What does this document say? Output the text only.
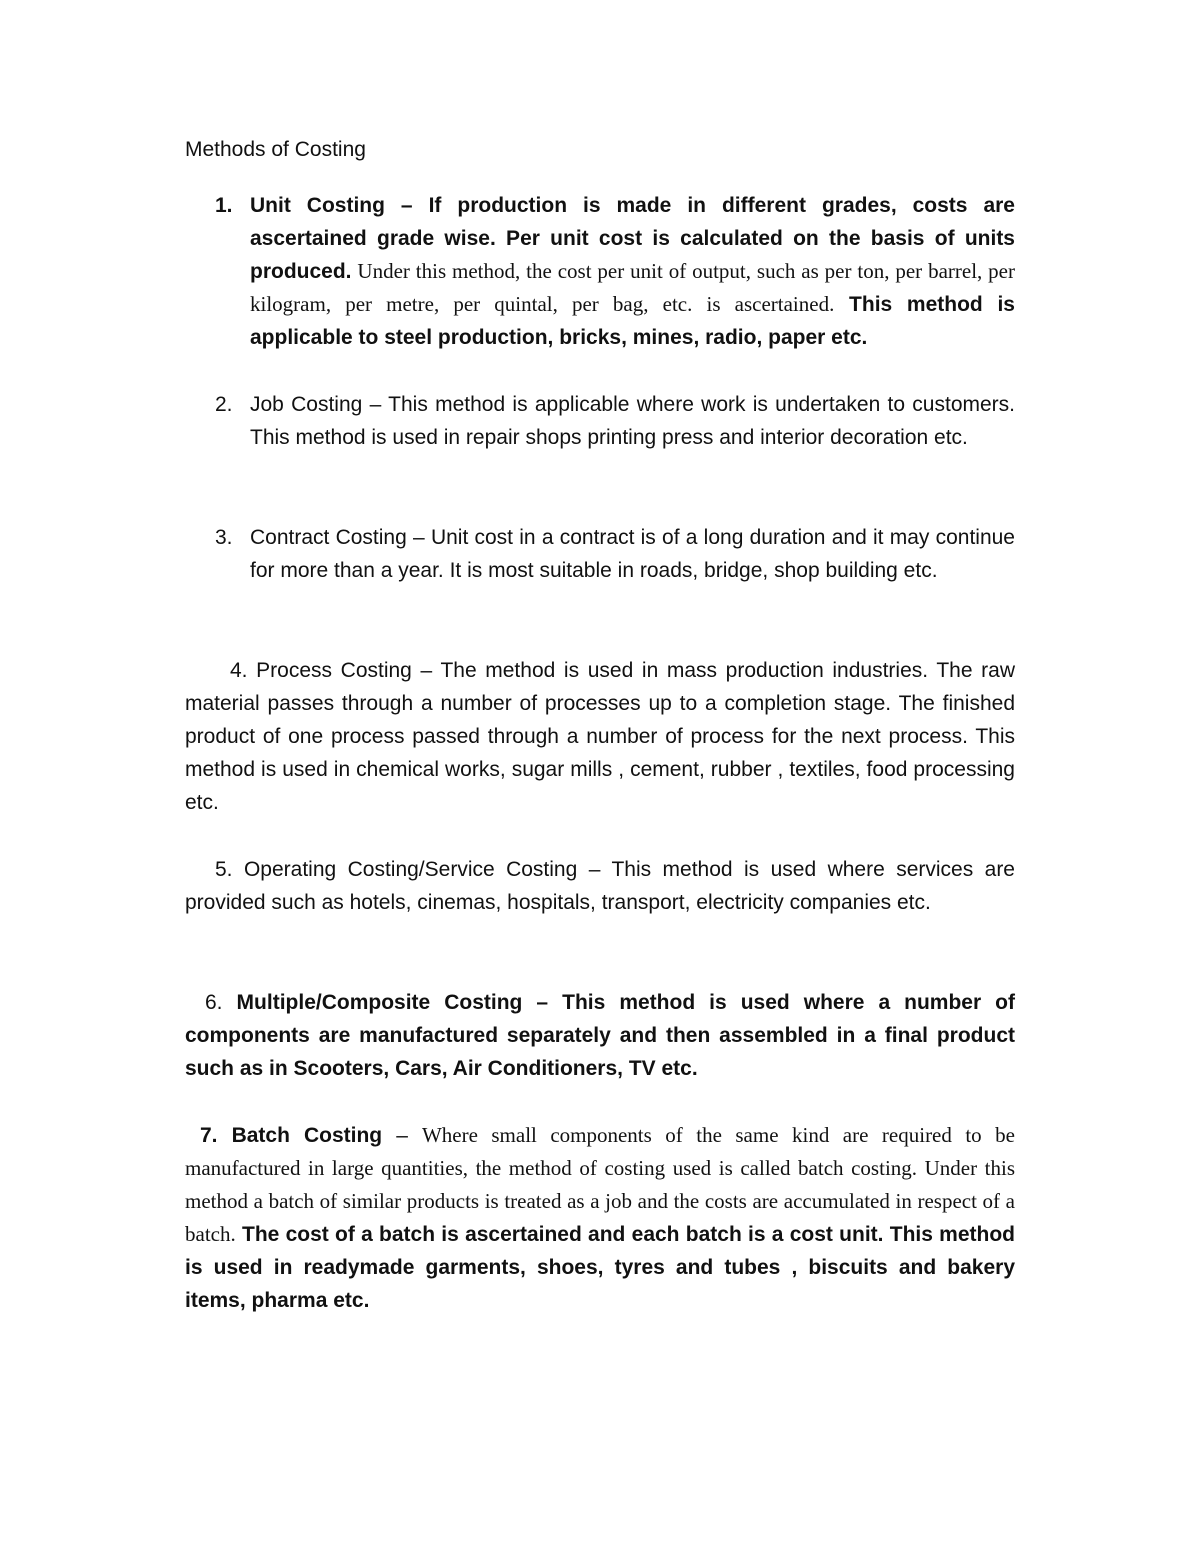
Methods of Costing
1. Unit Costing – If production is made in different grades, costs are ascertained grade wise. Per unit cost is calculated on the basis of units produced. Under this method, the cost per unit of output, such as per ton, per barrel, per kilogram, per metre, per quintal, per bag, etc. is ascertained. This method is applicable to steel production, bricks, mines, radio, paper etc.
2. Job Costing – This method is applicable where work is undertaken to customers. This method is used in repair shops printing press and interior decoration etc.
3. Contract Costing – Unit cost in a contract is of a long duration and it may continue for more than a year. It is most suitable in roads, bridge, shop building etc.
4. Process Costing – The method is used in mass production industries. The raw material passes through a number of processes up to a completion stage. The finished product of one process passed through a number of process for the next process. This method is used in chemical works, sugar mills , cement, rubber , textiles, food processing etc.
5. Operating Costing/Service Costing – This method is used where services are provided such as hotels, cinemas, hospitals, transport, electricity companies etc.
6. Multiple/Composite Costing – This method is used where a number of components are manufactured separately and then assembled in a final product such as in Scooters, Cars, Air Conditioners, TV etc.
7. Batch Costing – Where small components of the same kind are required to be manufactured in large quantities, the method of costing used is called batch costing. Under this method a batch of similar products is treated as a job and the costs are accumulated in respect of a batch. The cost of a batch is ascertained and each batch is a cost unit. This method is used in readymade garments, shoes, tyres and tubes , biscuits and bakery items, pharma etc.
